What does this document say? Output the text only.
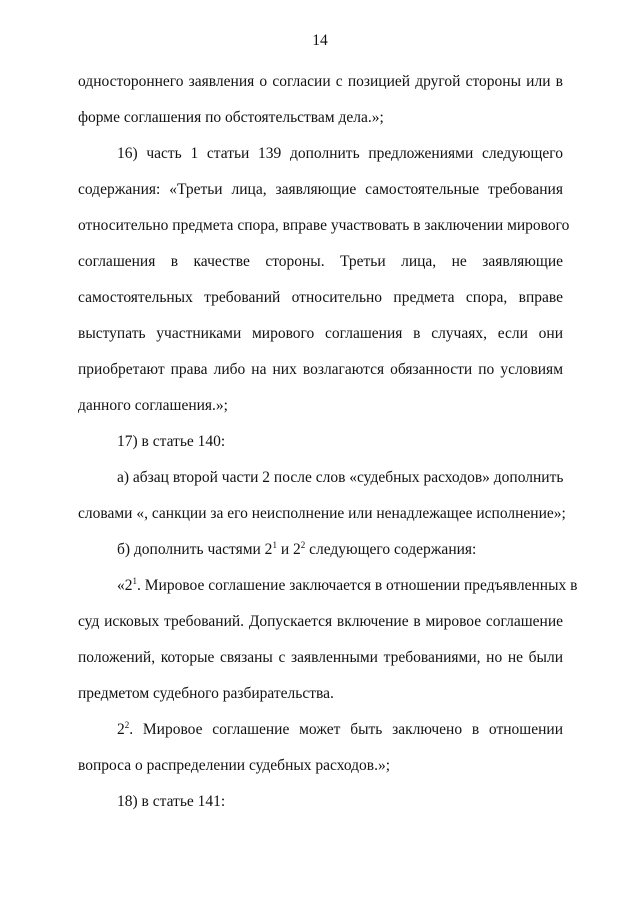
14
одностороннего заявления о согласии с позицией другой стороны или в
форме соглашения по обстоятельствам дела.»;
16) часть 1 статьи 139 дополнить предложениями следующего
содержания: «Третьи лица, заявляющие самостоятельные требования
относительно предмета спора, вправе участвовать в заключении мирового
соглашения в качестве стороны. Третьи лица, не заявляющие
самостоятельных требований относительно предмета спора, вправе
выступать участниками мирового соглашения в случаях, если они
приобретают права либо на них возлагаются обязанности по условиям
данного соглашения.»;
17) в статье 140:
а) абзац второй части 2 после слов «судебных расходов» дополнить
словами «, санкции за его неисполнение или ненадлежащее исполнение»;
б) дополнить частями $2^1$ и $2^2$ следующего содержания:
«$2^1$. Мировое соглашение заключается в отношении предъявленных в
суд исковых требований. Допускается включение в мировое соглашение
положений, которые связаны с заявленными требованиями, но не были
предметом судебного разбирательства.
$2^2$. Мировое соглашение может быть заключено в отношении
вопроса о распределении судебных расходов.»;
18) в статье 141:
